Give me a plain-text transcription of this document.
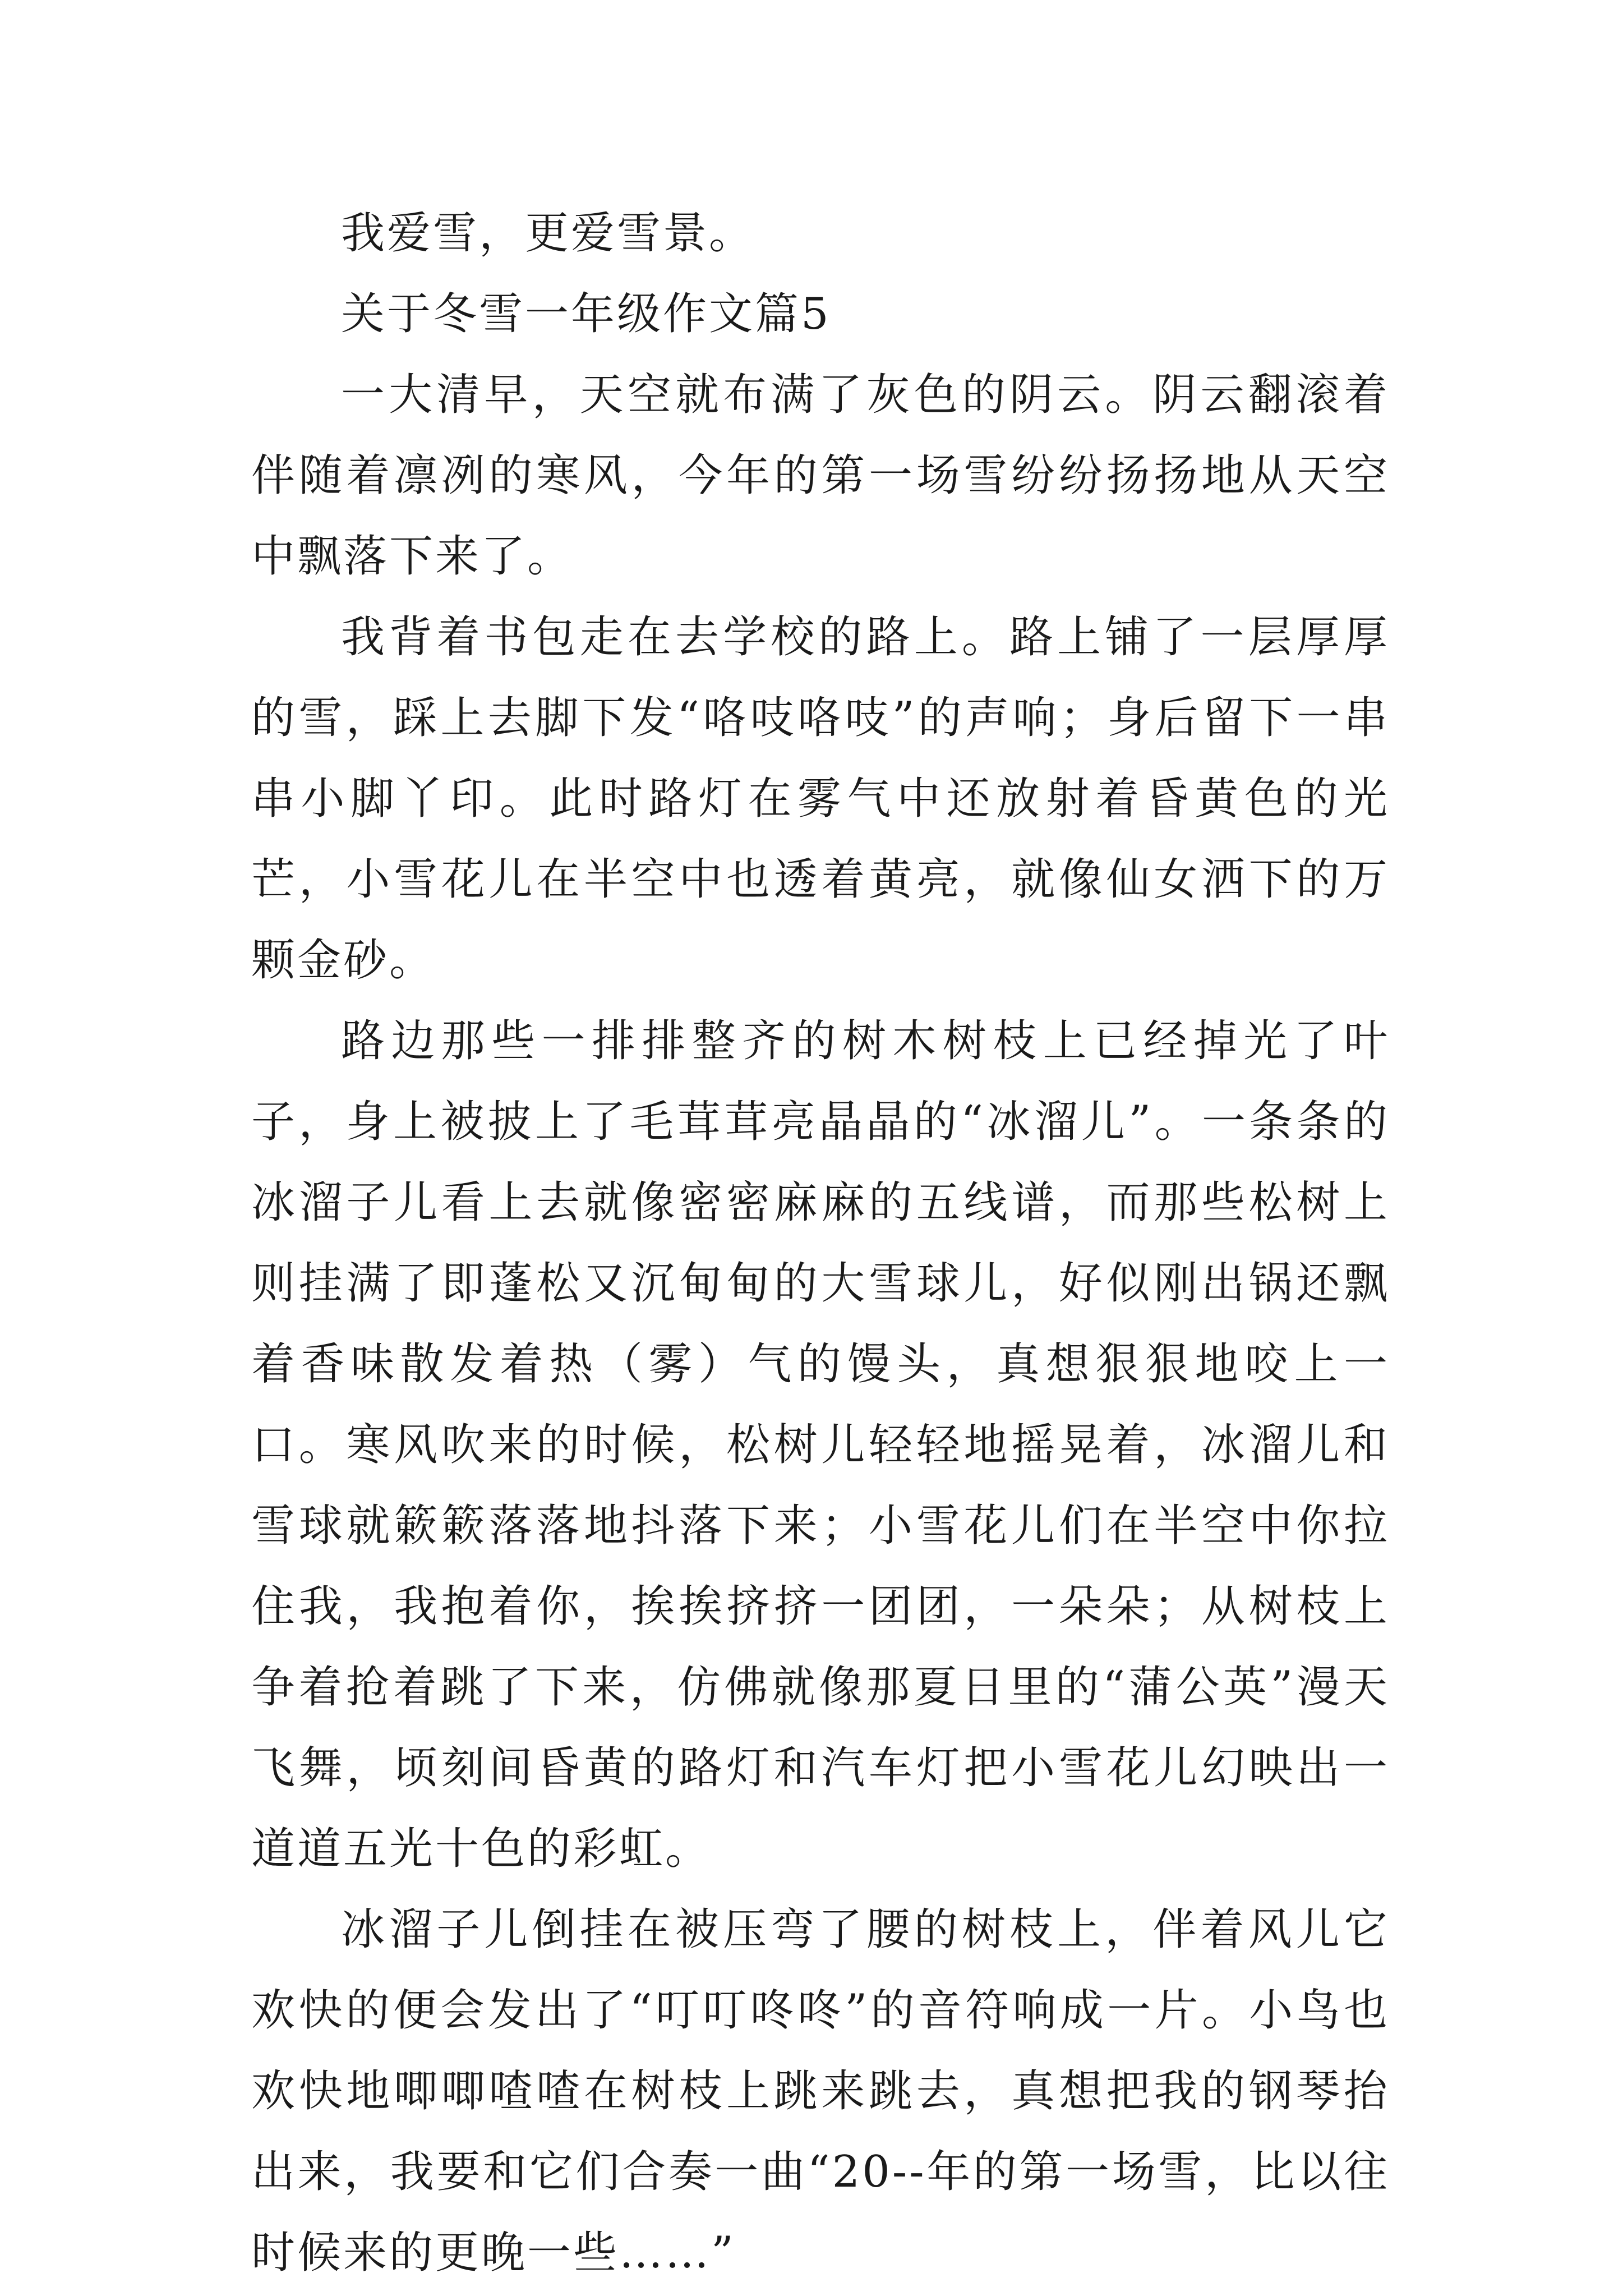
我爱雪，更爱雪景。

关于冬雪一年级作文篇5

一大清早，天空就布满了灰色的阴云。阴云翻滚着伴随着凛冽的寒风，今年的第一场雪纷纷扬扬地从天空中飘落下来了。

我背着书包走在去学校的路上。路上铺了一层厚厚的雪，踩上去脚下发“咯吱咯吱”的声响；身后留下一串串小脚丫印。此时路灯在雾气中还放射着昏黄色的光芒，小雪花儿在半空中也透着黄亮，就像仙女洒下的万颗金砂。

路边那些一排排整齐的树木树枝上已经掉光了叶子，身上被披上了毛茸茸亮晶晶的“冰溜儿”。一条条的冰溜子儿看上去就像密密麻麻的五线谱，而那些松树上则挂满了即蓬松又沉甸甸的大雪球儿，好似刚出锅还飘着香味散发着热（雾）气的馒头，真想狠狠地咬上一口。寒风吹来的时候，松树儿轻轻地摇晃着，冰溜儿和雪球就簌簌落落地抖落下来；小雪花儿们在半空中你拉住我，我抱着你，挨挨挤挤一团团，一朵朵；从树枝上争着抢着跳了下来，仿佛就像那夏日里的“蒲公英”漫天飞舞，顷刻间昏黄的路灯和汽车灯把小雪花儿幻映出一道道五光十色的彩虹。

冰溜子儿倒挂在被压弯了腰的树枝上，伴着风儿它欢快的便会发出了“叮叮咚咚”的音符响成一片。小鸟也欢快地唧唧喳喳在树枝上跳来跳去，真想把我的钢琴抬出来，我要和它们合奏一曲“20--年的第一场雪，比以往时候来的更晚一些……”
